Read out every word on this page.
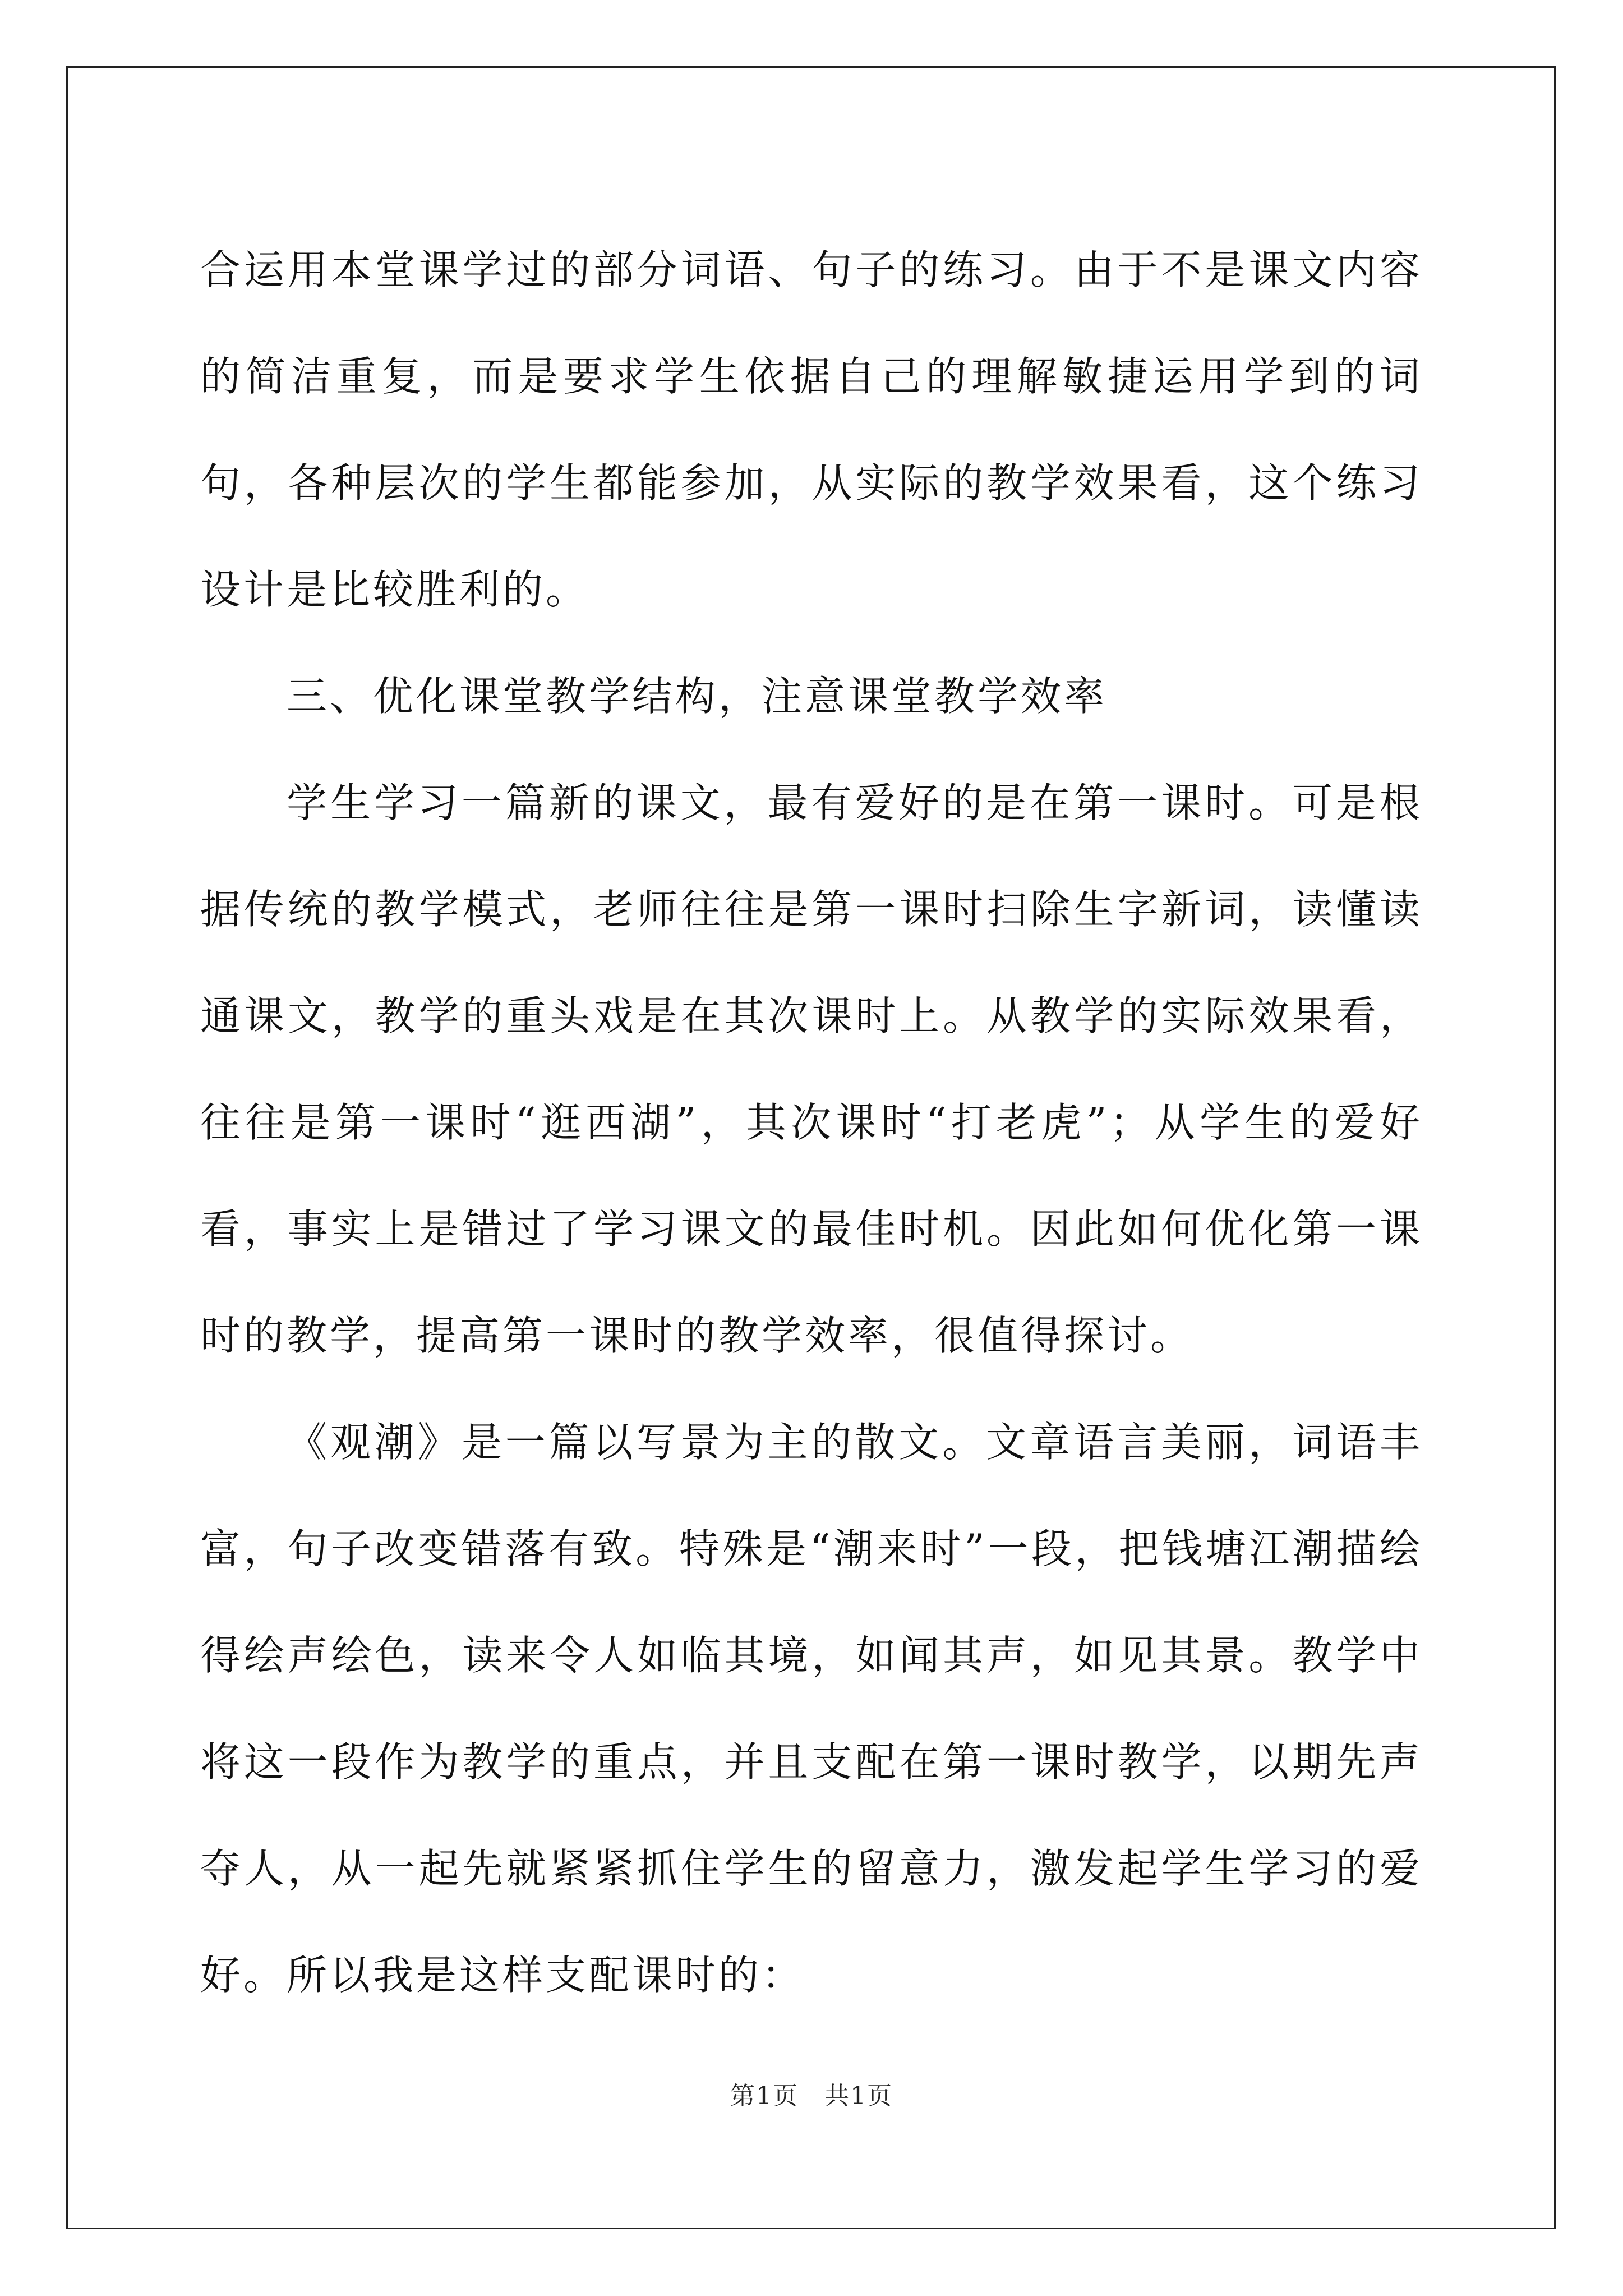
合运用本堂课学过的部分词语、句子的练习。由于不是课文内容的简洁重复，而是要求学生依据自己的理解敏捷运用学到的词句，各种层次的学生都能参加，从实际的教学效果看，这个练习设计是比较胜利的。

三、优化课堂教学结构，注意课堂教学效率

学生学习一篇新的课文，最有爱好的是在第一课时。可是根据传统的教学模式，老师往往是第一课时扫除生字新词，读懂读通课文，教学的重头戏是在其次课时上。从教学的实际效果看，往往是第一课时“逛西湖”，其次课时“打老虎”；从学生的爱好看，事实上是错过了学习课文的最佳时机。因此如何优化第一课时的教学，提高第一课时的教学效率，很值得探讨。

《观潮》是一篇以写景为主的散文。文章语言美丽，词语丰富，句子改变错落有致。特殊是“潮来时”一段，把钱塘江潮描绘得绘声绘色，读来令人如临其境，如闻其声，如见其景。教学中将这一段作为教学的重点，并且支配在第一课时教学，以期先声夺人，从一起先就紧紧抓住学生的留意力，激发起学生学习的爱好。所以我是这样支配课时的：

第1页　共1页
